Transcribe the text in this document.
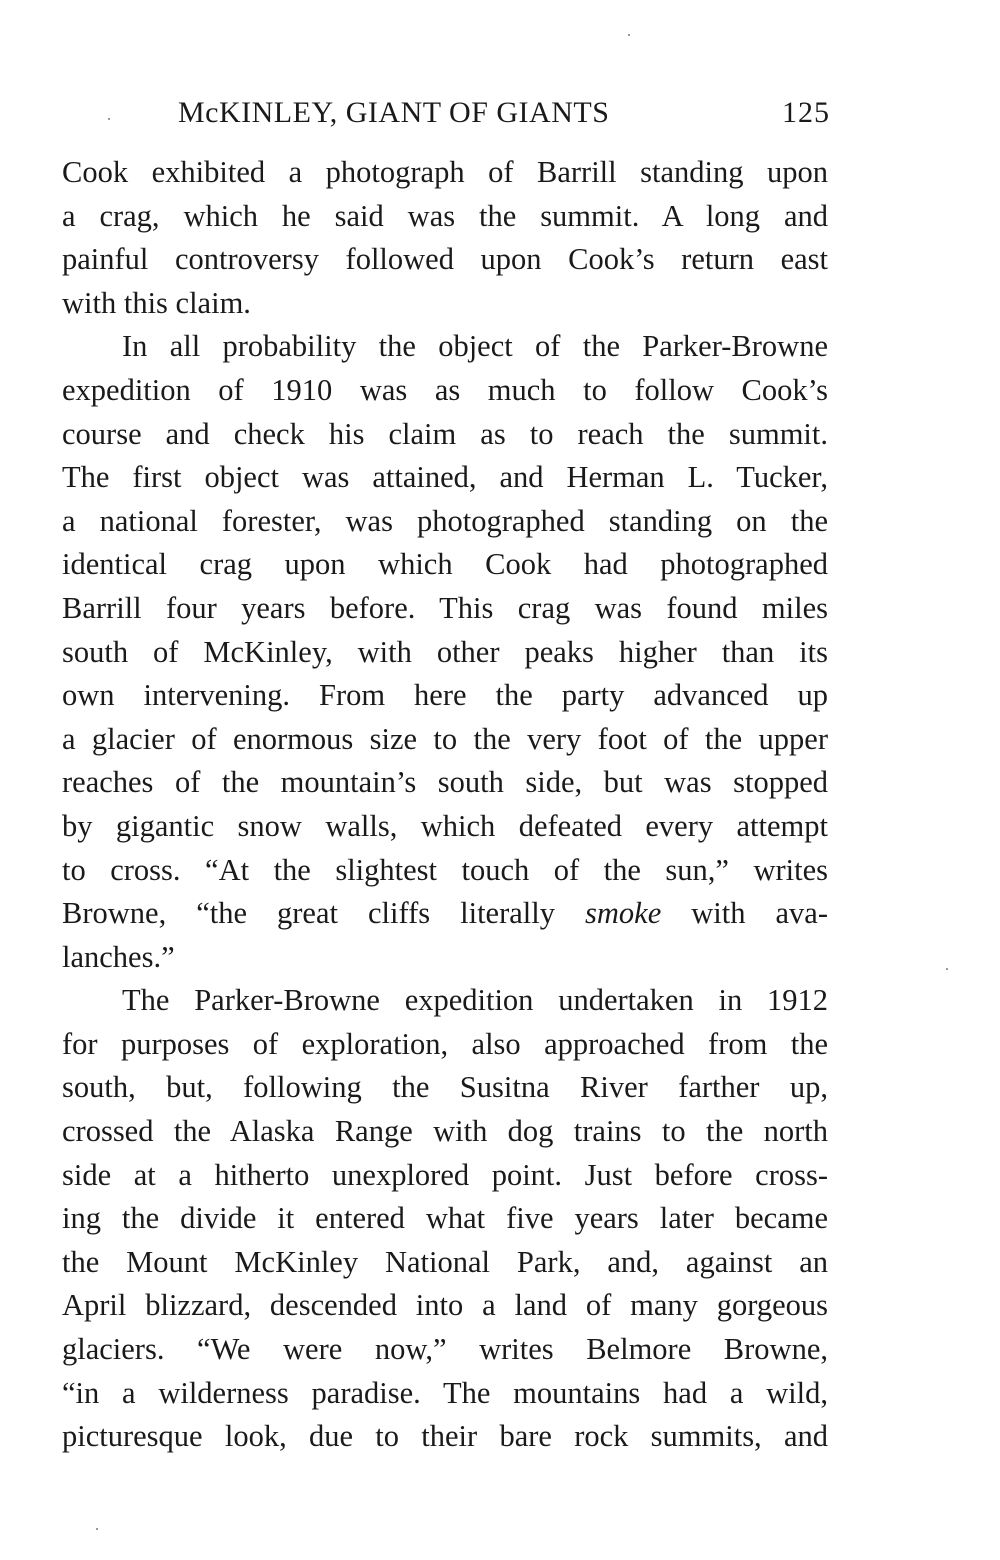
McKINLEY, GIANT OF GIANTS	125
Cook exhibited a photograph of Barrill standing upon
a crag, which he said was the summit. A long and
painful controversy followed upon Cook’s return east
with this claim.
In all probability the object of the Parker-Browne
expedition of 1910 was as much to follow Cook’s
course and check his claim as to reach the summit.
The first object was attained, and Herman L. Tucker,
a national forester, was photographed standing on the
identical crag upon which Cook had photographed
Barrill four years before. This crag was found miles
south of McKinley, with other peaks higher than its
own intervening. From here the party advanced up
a glacier of enormous size to the very foot of the upper
reaches of the mountain’s south side, but was stopped
by gigantic snow walls, which defeated every attempt
to cross. “At the slightest touch of the sun,” writes
Browne, “the great cliffs literally smoke with ava-
lanches.”
The Parker-Browne expedition undertaken in 1912
for purposes of exploration, also approached from the
south, but, following the Susitna River farther up,
crossed the Alaska Range with dog trains to the north
side at a hitherto unexplored point. Just before cross-
ing the divide it entered what five years later became
the Mount McKinley National Park, and, against an
April blizzard, descended into a land of many gorgeous
glaciers. “We were now,” writes Belmore Browne,
“in a wilderness paradise. The mountains had a wild,
picturesque look, due to their bare rock summits, and
